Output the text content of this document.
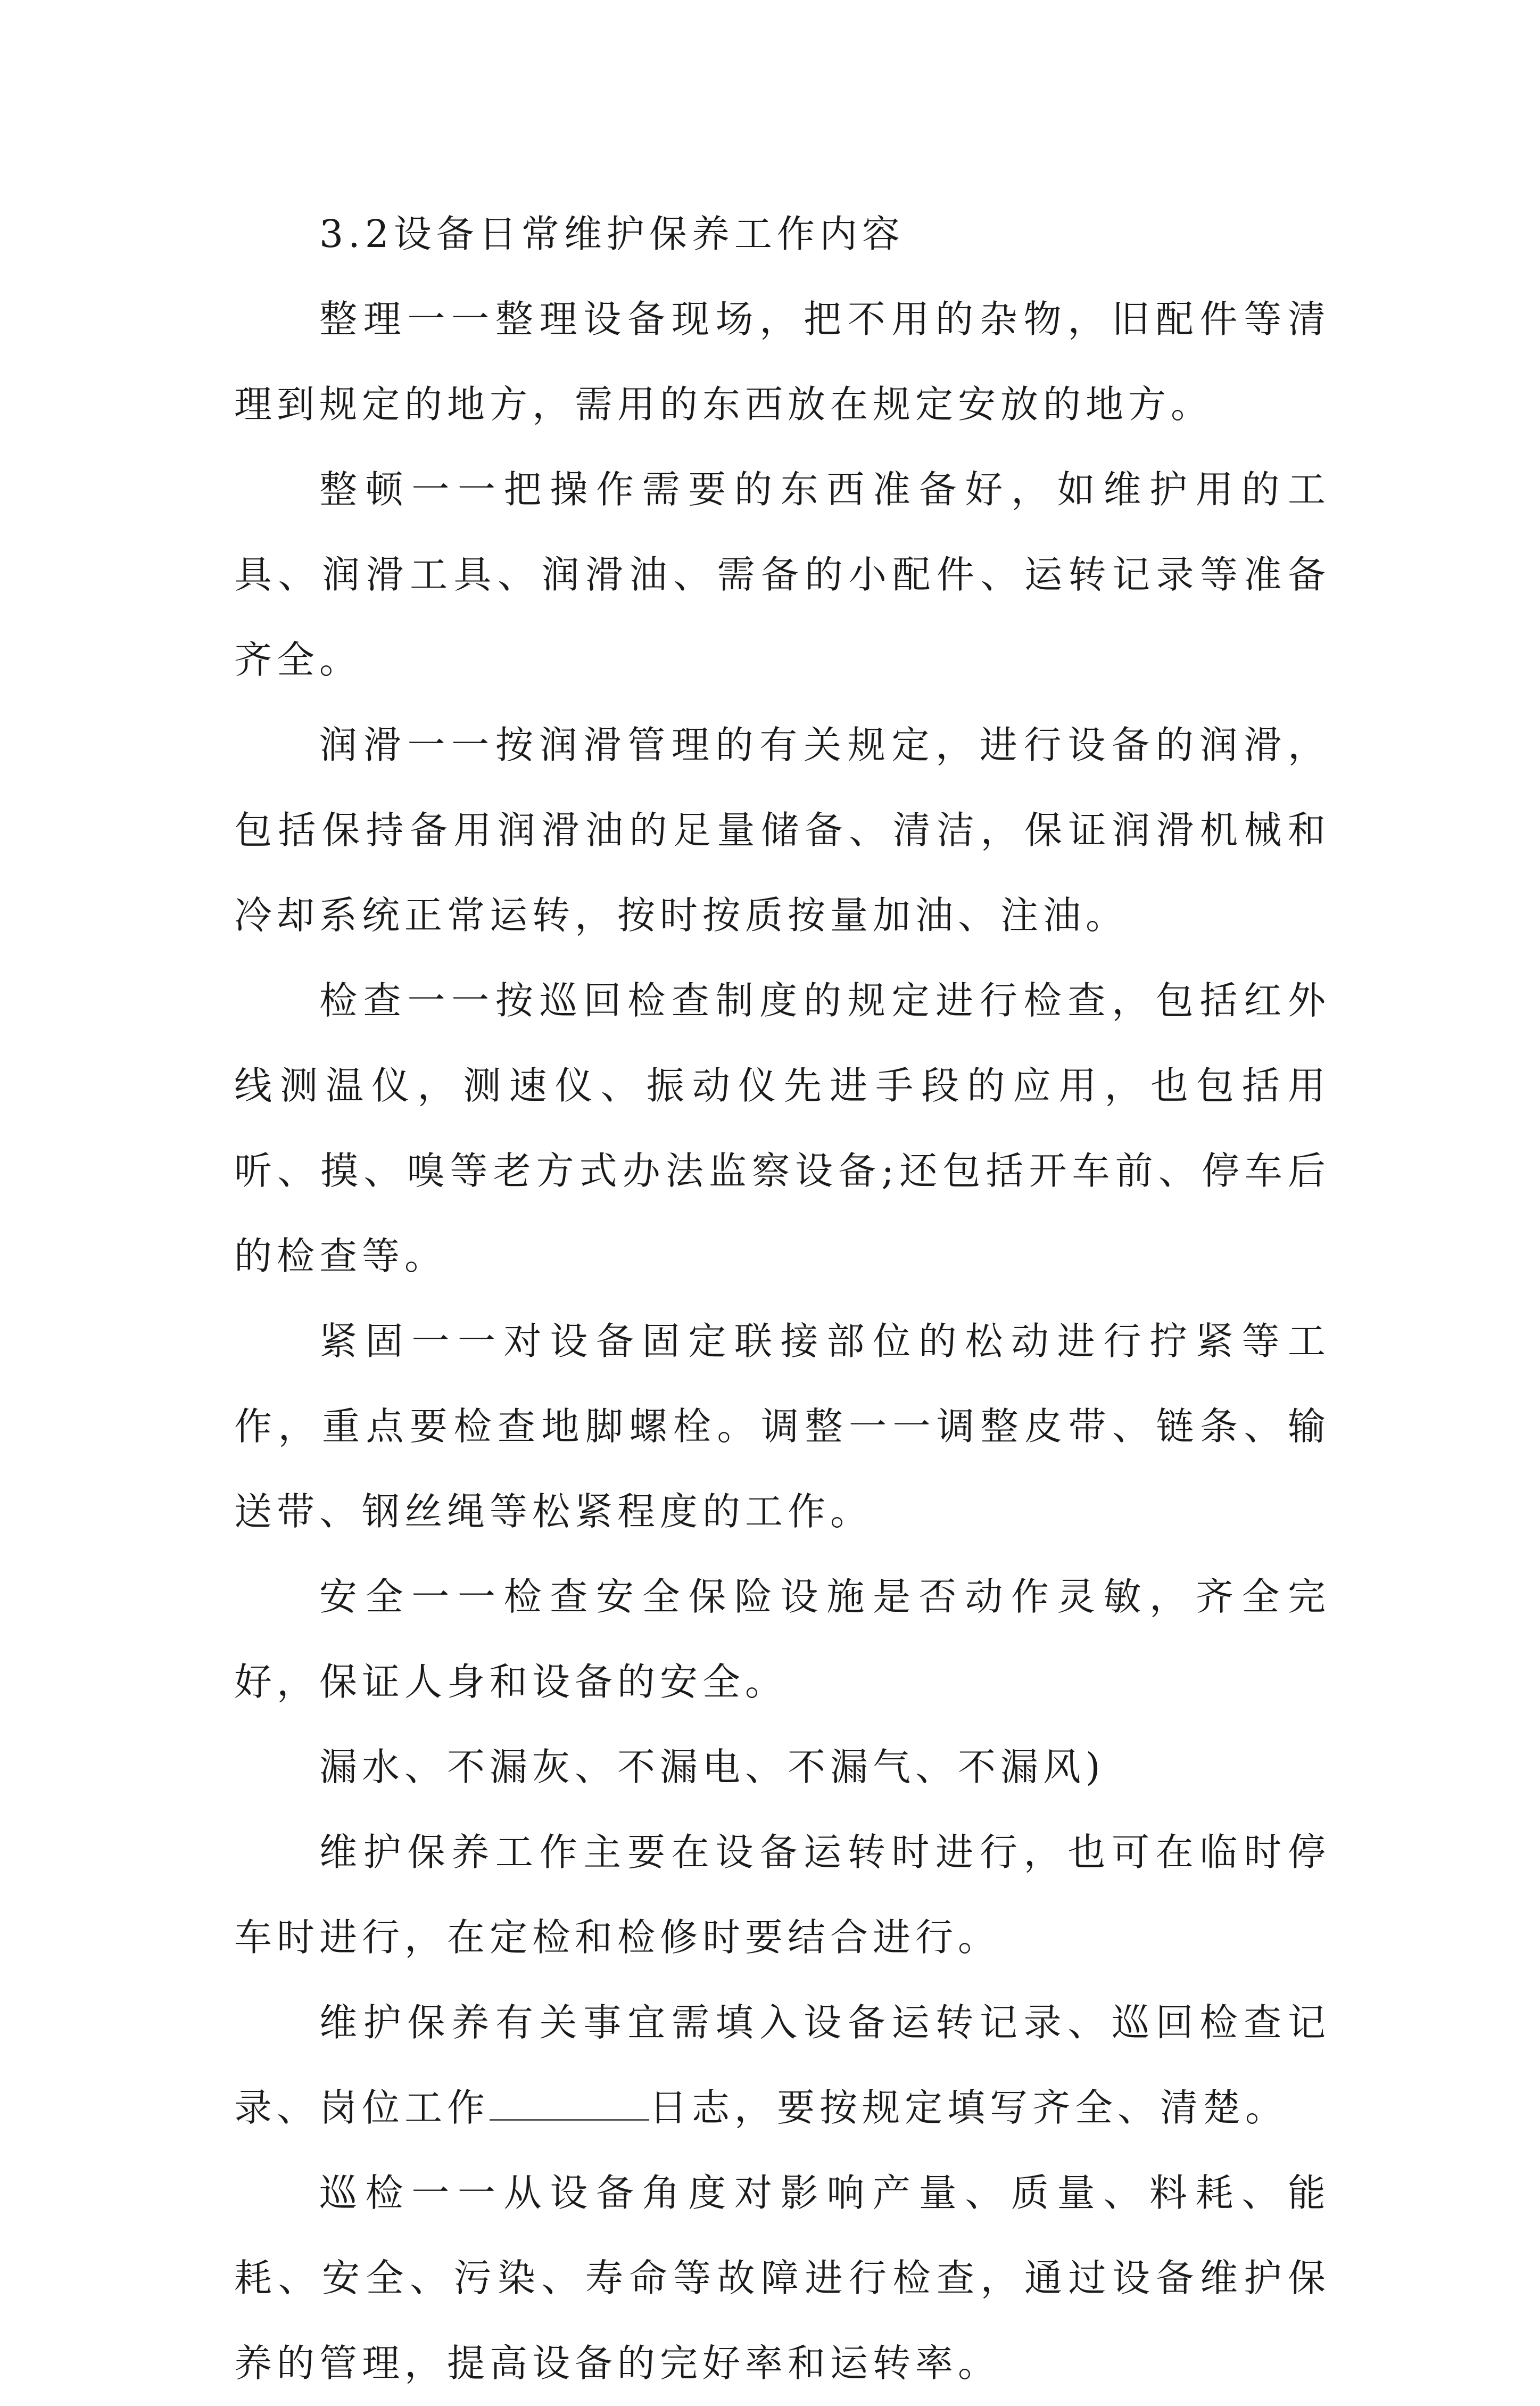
3.2设备日常维护保养工作内容

整理一一整理设备现场，把不用的杂物，旧配件等清理到规定的地方，需用的东西放在规定安放的地方。

整顿一一把操作需要的东西准备好，如维护用的工具、润滑工具、润滑油、需备的小配件、运转记录等准备齐全。

润滑一一按润滑管理的有关规定，进行设备的润滑，包括保持备用润滑油的足量储备、清洁，保证润滑机械和冷却系统正常运转，按时按质按量加油、注油。

检查一一按巡回检查制度的规定进行检查，包括红外线测温仪，测速仪、振动仪先进手段的应用，也包括用听、摸、嗅等老方式办法监察设备;还包括开车前、停车后的检查等。

紧固一一对设备固定联接部位的松动进行拧紧等工作，重点要检查地脚螺栓。调整一一调整皮带、链条、输送带、钢丝绳等松紧程度的工作。

安全一一检查安全保险设施是否动作灵敏，齐全完好，保证人身和设备的安全。

漏水、不漏灰、不漏电、不漏气、不漏风)

维护保养工作主要在设备运转时进行，也可在临时停车时进行，在定检和检修时要结合进行。

维护保养有关事宜需填入设备运转记录、巡回检查记录、岗位工作	日志，要按规定填写齐全、清楚。

巡检一一从设备角度对影响产量、质量、料耗、能耗、安全、污染、寿命等故障进行检查，通过设备维护保养的管理，提高设备的完好率和运转率。
